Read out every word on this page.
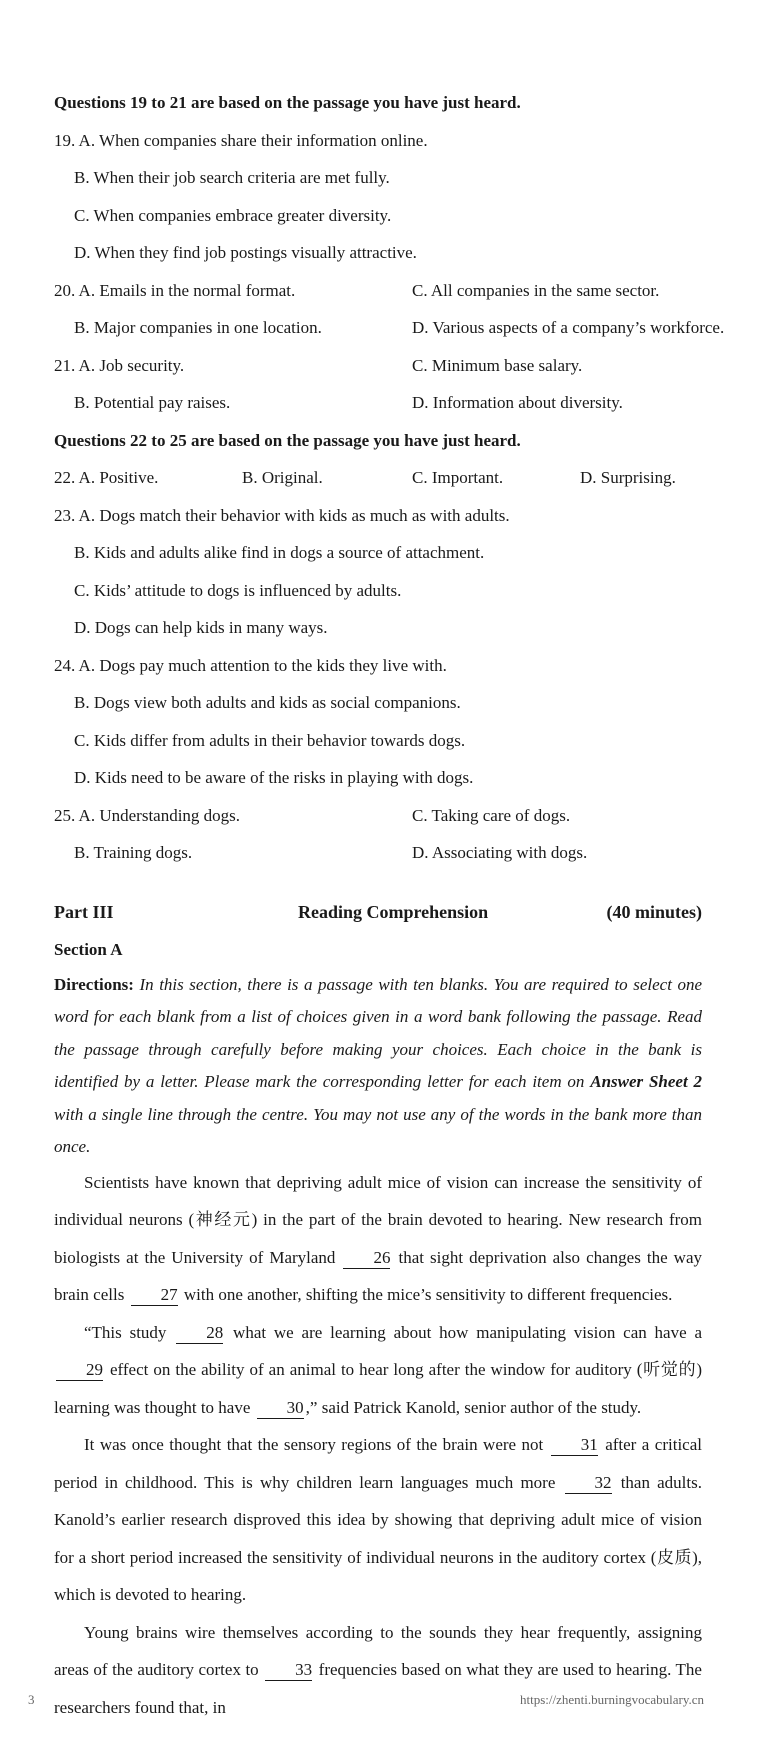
Questions 19 to 21 are based on the passage you have just heard.
19. A. When companies share their information online.
B. When their job search criteria are met fully.
C. When companies embrace greater diversity.
D. When they find job postings visually attractive.
20. A. Emails in the normal format.	C. All companies in the same sector.
B. Major companies in one location.	D. Various aspects of a company’s workforce.
21. A. Job security.	C. Minimum base salary.
B. Potential pay raises.	D. Information about diversity.
Questions 22 to 25 are based on the passage you have just heard.
22. A. Positive.	B. Original.	C. Important.	D. Surprising.
23. A. Dogs match their behavior with kids as much as with adults.
B. Kids and adults alike find in dogs a source of attachment.
C. Kids’ attitude to dogs is influenced by adults.
D. Dogs can help kids in many ways.
24. A. Dogs pay much attention to the kids they live with.
B. Dogs view both adults and kids as social companions.
C. Kids differ from adults in their behavior towards dogs.
D. Kids need to be aware of the risks in playing with dogs.
25. A. Understanding dogs.	C. Taking care of dogs.
B. Training dogs.	D. Associating with dogs.
Part III	Reading Comprehension	(40 minutes)
Section A

Directions: In this section, there is a passage with ten blanks. You are required to select one word for each blank from a list of choices given in a word bank following the passage. Read the passage through carefully before making your choices. Each choice in the bank is identified by a letter. Please mark the corresponding letter for each item on Answer Sheet 2 with a single line through the centre. You may not use any of the words in the bank more than once.

Scientists have known that depriving adult mice of vision can increase the sensitivity of individual neurons (神经元) in the part of the brain devoted to hearing. New research from biologists at the University of Maryland 26 that sight deprivation also changes the way brain cells 27 with one another, shifting the mice’s sensitivity to different frequencies.

“This study 28 what we are learning about how manipulating vision can have a 29 effect on the ability of an animal to hear long after the window for auditory (听觉的) learning was thought to have 30 ,” said Patrick Kanold, senior author of the study.

It was once thought that the sensory regions of the brain were not 31 after a critical period in childhood. This is why children learn languages much more 32 than adults. Kanold’s earlier research disproved this idea by showing that depriving adult mice of vision for a short period increased the sensitivity of individual neurons in the auditory cortex (皮质), which is devoted to hearing.

Young brains wire themselves according to the sounds they hear frequently, assigning areas of the auditory cortex to 33 frequencies based on what they are used to hearing. The researchers found that, in

3	https://zhenti.burningvocabulary.cn
